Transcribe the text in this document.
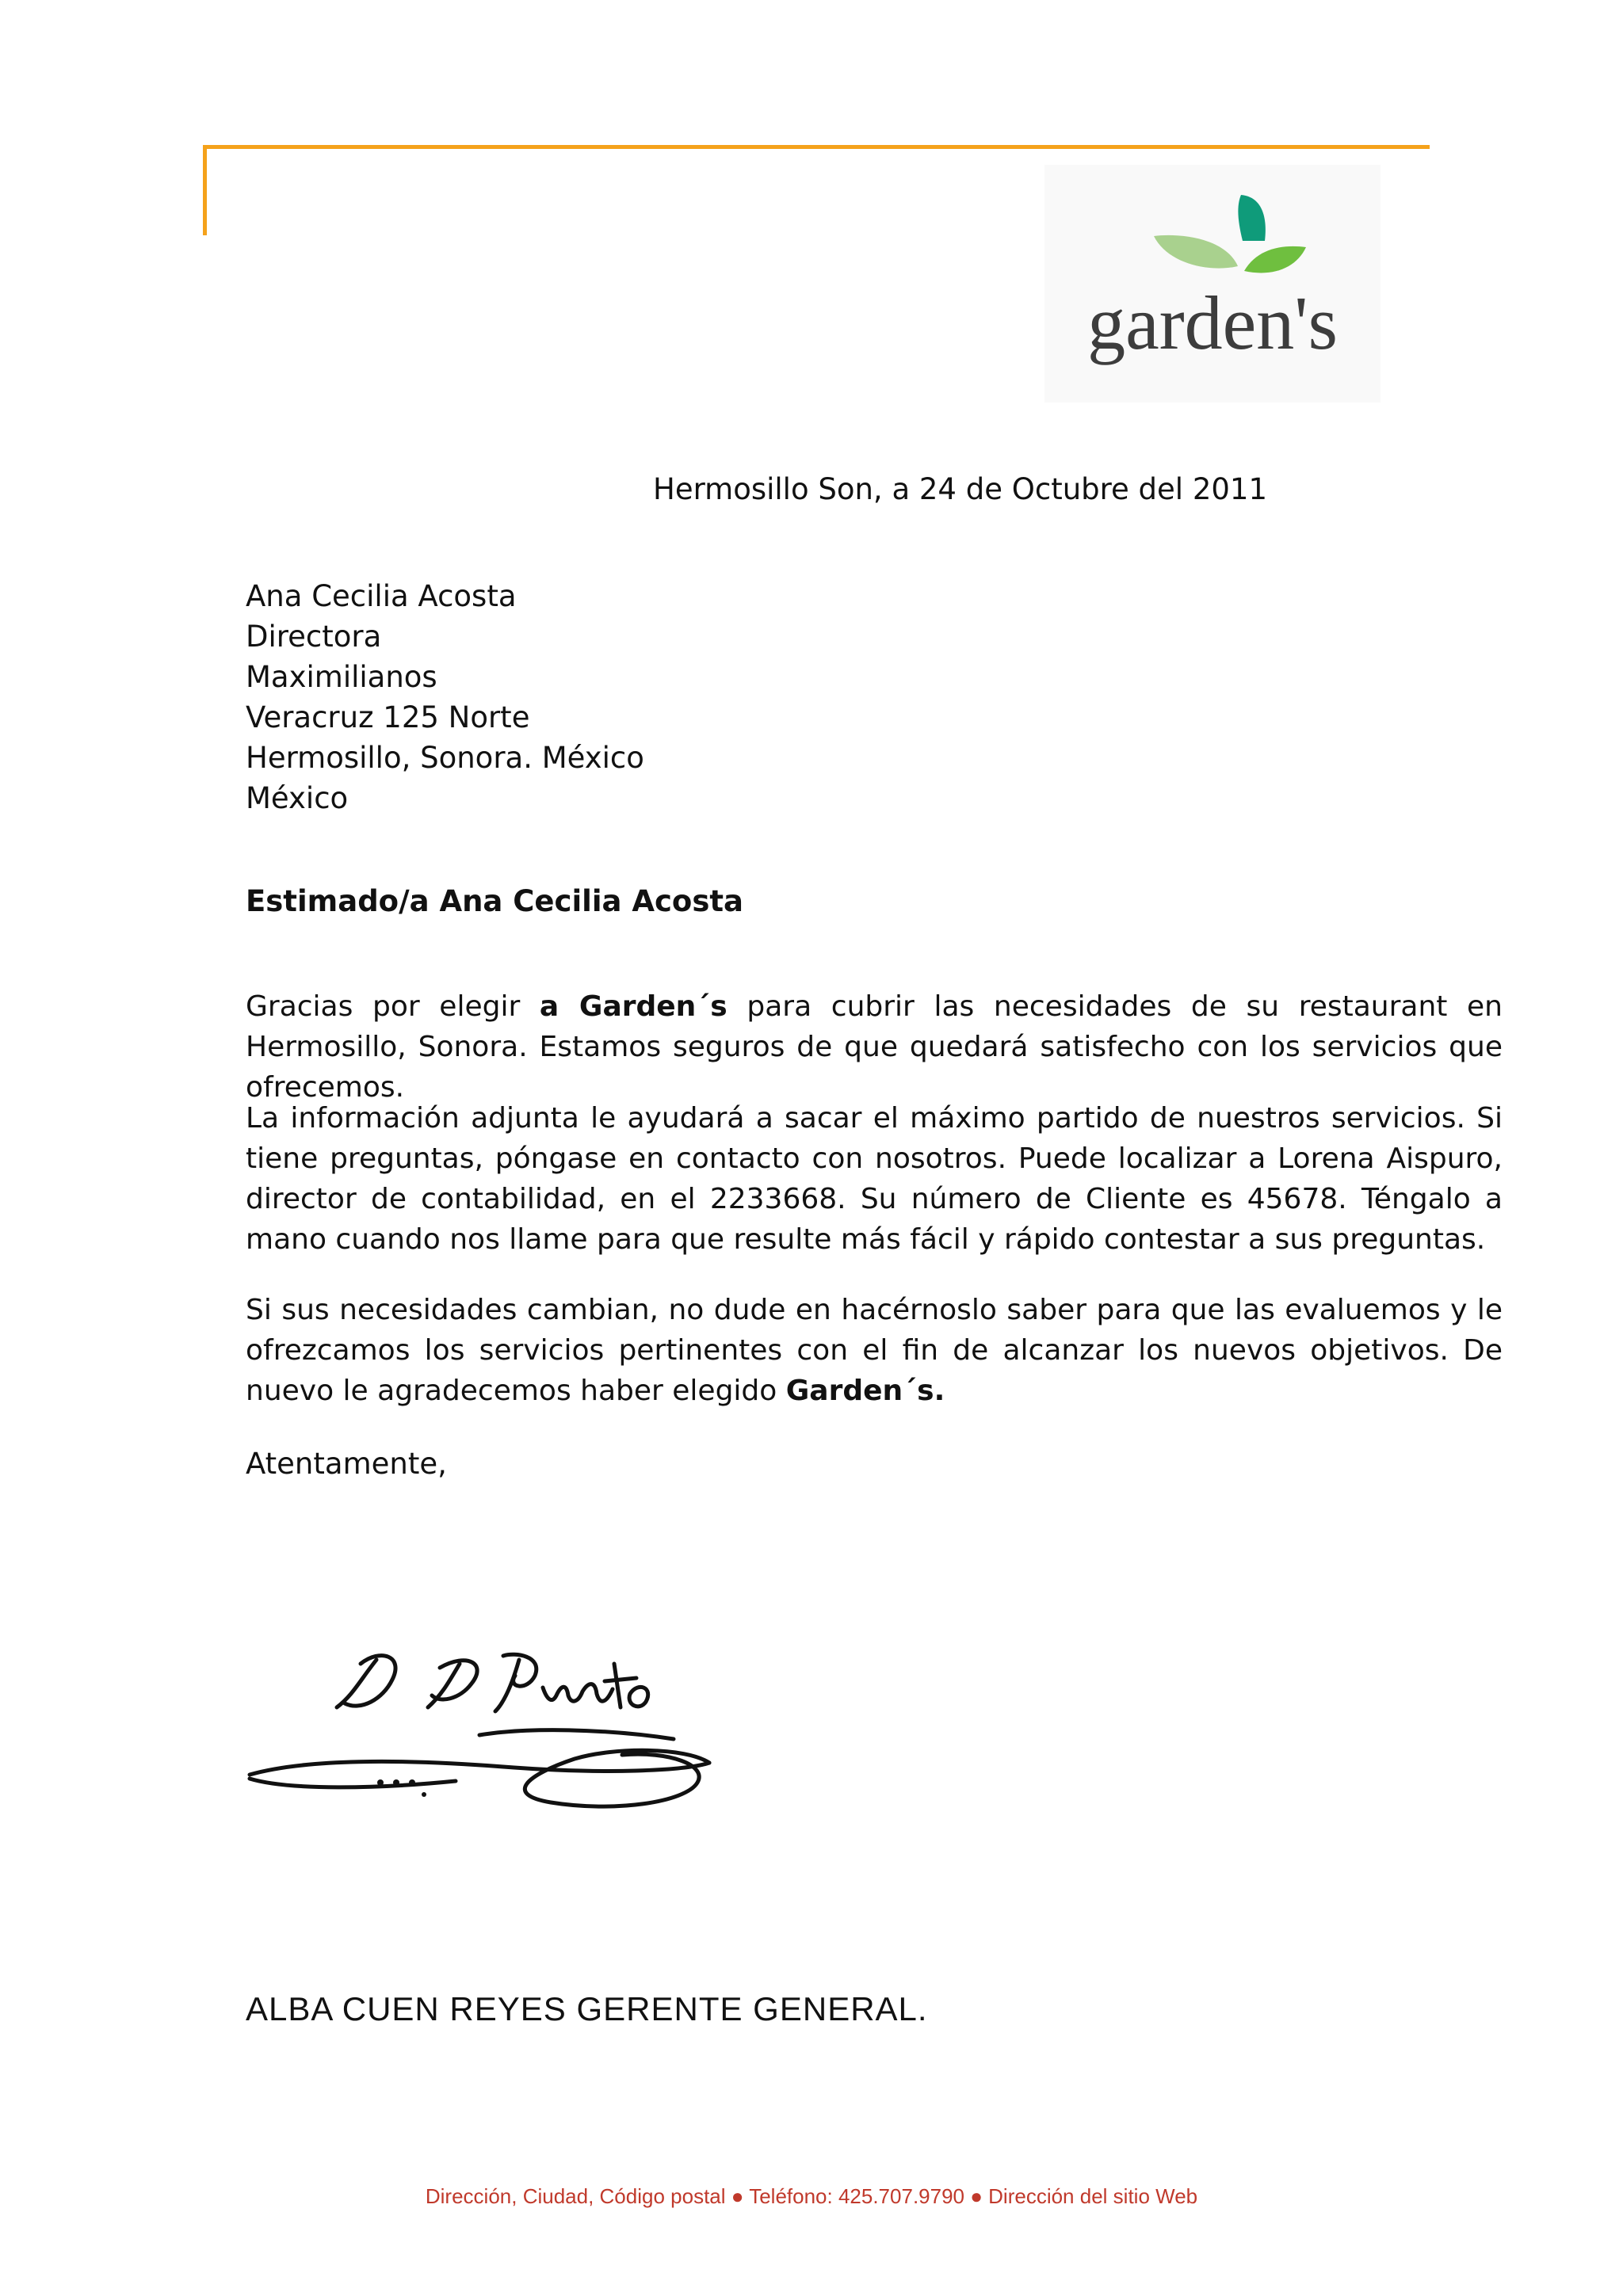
garden's
Hermosillo Son, a 24 de Octubre del 2011
Ana Cecilia Acosta
Directora
Maximilianos
Veracruz 125 Norte
Hermosillo, Sonora. México
México
Estimado/a Ana Cecilia Acosta
Gracias por elegir a Garden´s para cubrir las necesidades de su restaurant en Hermosillo, Sonora. Estamos seguros de que quedará satisfecho con los servicios que ofrecemos.
La información adjunta le ayudará a sacar el máximo partido de nuestros servicios. Si tiene preguntas, póngase en contacto con nosotros. Puede localizar a Lorena Aispuro, director de contabilidad, en el 2233668. Su número de Cliente es 45678. Téngalo a mano cuando nos llame para que resulte más fácil y rápido contestar a sus preguntas.
Si sus necesidades cambian, no dude en hacérnoslo saber para que las evaluemos y le ofrezcamos los servicios pertinentes con el fin de alcanzar los nuevos objetivos. De nuevo le agradecemos haber elegido Garden´s.
Atentamente,
ALBA CUEN REYES GERENTE GENERAL.
Dirección, Ciudad, Código postal ● Teléfono: 425.707.9790 ● Dirección del sitio Web
